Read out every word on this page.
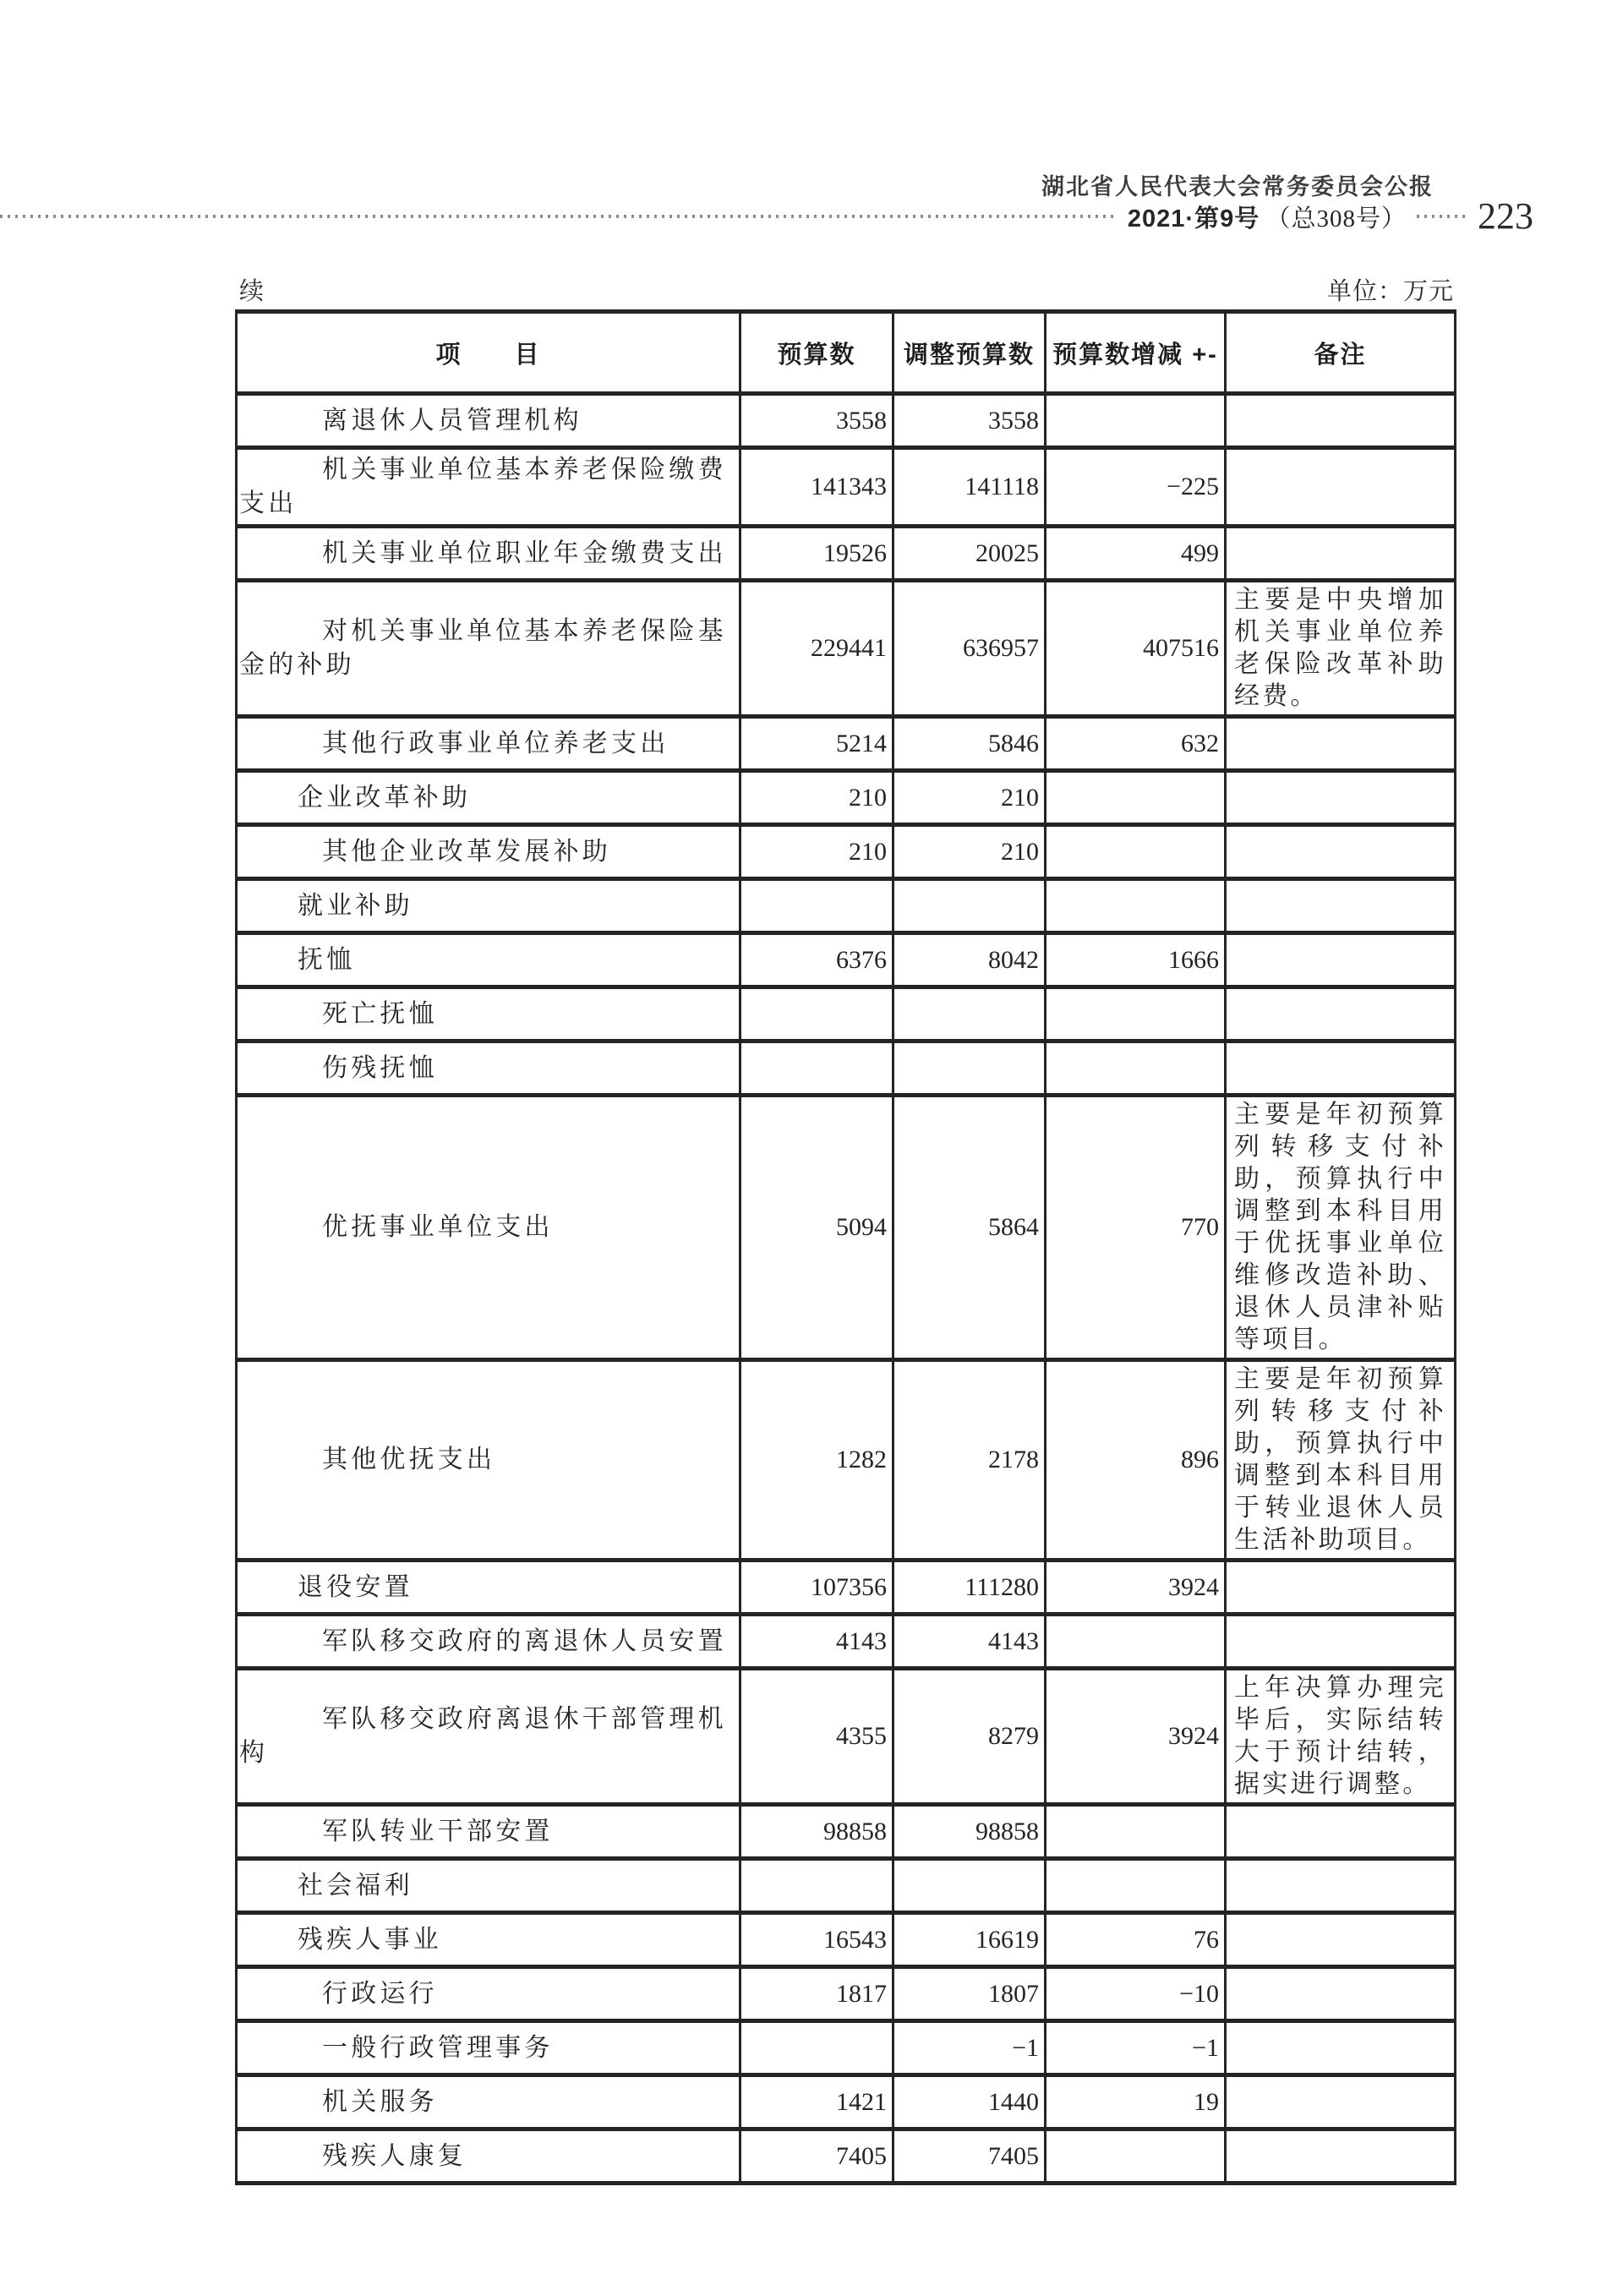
湖北省人民代表大会常务委员会公报
2021·第9号 （总308号） 223
续	单位：万元
项　　目	预算数	调整预算数	预算数增减 +-	备注
离退休人员管理机构	3558	3558		
机关事业单位基本养老保险缴费支出	141343	141118	−225	
机关事业单位职业年金缴费支出	19526	20025	499	
对机关事业单位基本养老保险基金的补助	229441	636957	407516	主要是中央增加机关事业单位养老保险改革补助经费。
其他行政事业单位养老支出	5214	5846	632	
企业改革补助	210	210		
其他企业改革发展补助	210	210		
就业补助				
抚恤	6376	8042	1666	
死亡抚恤				
伤残抚恤				
优抚事业单位支出	5094	5864	770	主要是年初预算列转移支付补助，预算执行中调整到本科目用于优抚事业单位维修改造补助、退休人员津补贴等项目。
其他优抚支出	1282	2178	896	主要是年初预算列转移支付补助，预算执行中调整到本科目用于转业退休人员生活补助项目。
退役安置	107356	111280	3924	
军队移交政府的离退休人员安置	4143	4143		
军队移交政府离退休干部管理机构	4355	8279	3924	上年决算办理完毕后，实际结转大于预计结转，据实进行调整。
军队转业干部安置	98858	98858		
社会福利				
残疾人事业	16543	16619	76	
行政运行	1817	1807	−10	
一般行政管理事务		−1	−1	
机关服务	1421	1440	19	
残疾人康复	7405	7405		
